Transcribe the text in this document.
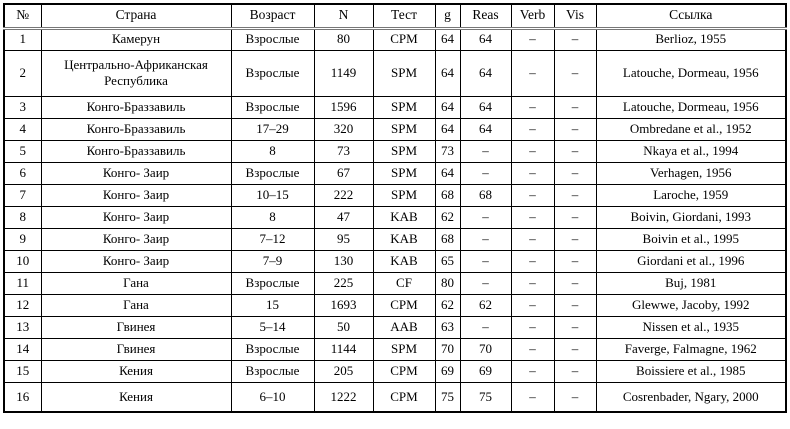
№	Страна	Возраст	N	Тест	g	Reas	Verb	Vis	Ссылка
1	Камерун	Взрослые	80	CPM	64	64	–	–	Berlioz, 1955
2	Центрально-Африканская Республика	Взрослые	1149	SPM	64	64	–	–	Latouche, Dormeau, 1956
3	Конго-Браззавиль	Взрослые	1596	SPM	64	64	–	–	Latouche, Dormeau, 1956
4	Конго-Браззавиль	17–29	320	SPM	64	64	–	–	Ombredane et al., 1952
5	Конго-Браззавиль	8	73	SPM	73	–	–	–	Nkaya et al., 1994
6	Конго- Заир	Взрослые	67	SPM	64	–	–	–	Verhagen, 1956
7	Конго- Заир	10–15	222	SPM	68	68	–	–	Laroche, 1959
8	Конго- Заир	8	47	KAB	62	–	–	–	Boivin, Giordani, 1993
9	Конго- Заир	7–12	95	KAB	68	–	–	–	Boivin et al., 1995
10	Конго- Заир	7–9	130	KAB	65	–	–	–	Giordani et al., 1996
11	Гана	Взрослые	225	CF	80	–	–	–	Buj, 1981
12	Гана	15	1693	CPM	62	62	–	–	Glewwe, Jacoby, 1992
13	Гвинея	5–14	50	AAB	63	–	–	–	Nissen et al., 1935
14	Гвинея	Взрослые	1144	SPM	70	70	–	–	Faverge, Falmagne, 1962
15	Кения	Взрослые	205	CPM	69	69	–	–	Boissiere et al., 1985
16	Кения	6–10	1222	CPM	75	75	–	–	Cosrenbader, Ngary, 2000
